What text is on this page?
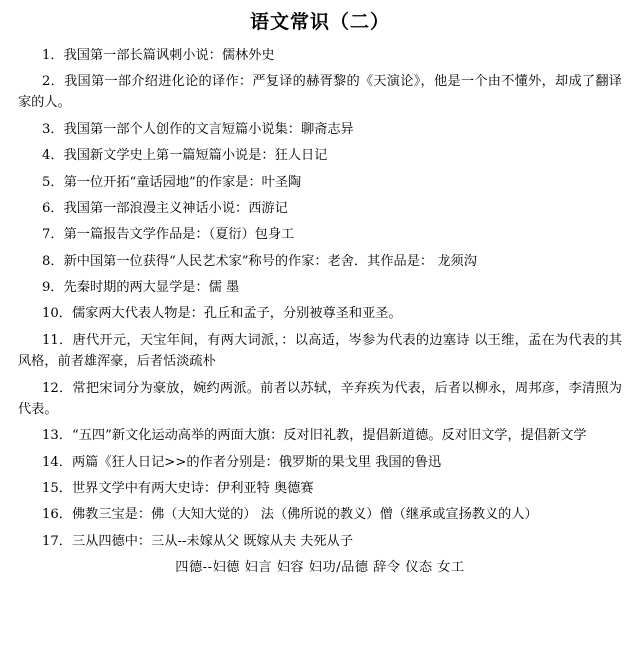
语文常识（二）

1．我国第一部长篇讽刺小说：儒林外史

2．我国第一部介绍进化论的译作：严复译的赫胥黎的《天演论》，他是一个由不懂外，却成了翻译家的人。

3．我国第一部个人创作的文言短篇小说集：聊斋志异

4．我国新文学史上第一篇短篇小说是：狂人日记

5．第一位开拓“童话园地”的作家是：叶圣陶

6．我国第一部浪漫主义神话小说：西游记

7．第一篇报告文学作品是：（夏衍）包身工

8．新中国第一位获得“人民艺术家”称号的作家：老舍．其作品是： 龙须沟

9．先秦时期的两大显学是：儒 墨

10．儒家两大代表人物是：孔丘和孟子，分别被尊圣和亚圣。

11．唐代开元，天宝年间，有两大词派，：以高适，岑参为代表的边塞诗 以王维，孟在为代表的其风格，前者雄浑豪，后者恬淡疏朴

12．常把宋词分为豪放，婉约两派。前者以苏轼，辛弃疾为代表，后者以柳永，周邦彦，李清照为代表。

13．“五四”新文化运动高举的两面大旗：反对旧礼教，提倡新道德。反对旧文学，提倡新文学

14．两篇《狂人日记>>的作者分别是：俄罗斯的果戈里 我国的鲁迅

15．世界文学中有两大史诗：伊利亚特 奥德赛

16．佛教三宝是：佛（大知大觉的） 法（佛所说的教义）僧（继承或宣扬教义的人）

17．三从四德中：三从--未嫁从父 既嫁从夫 夫死从子

四德--妇德 妇言 妇容 妇功/品德 辞令 仪态 女工
